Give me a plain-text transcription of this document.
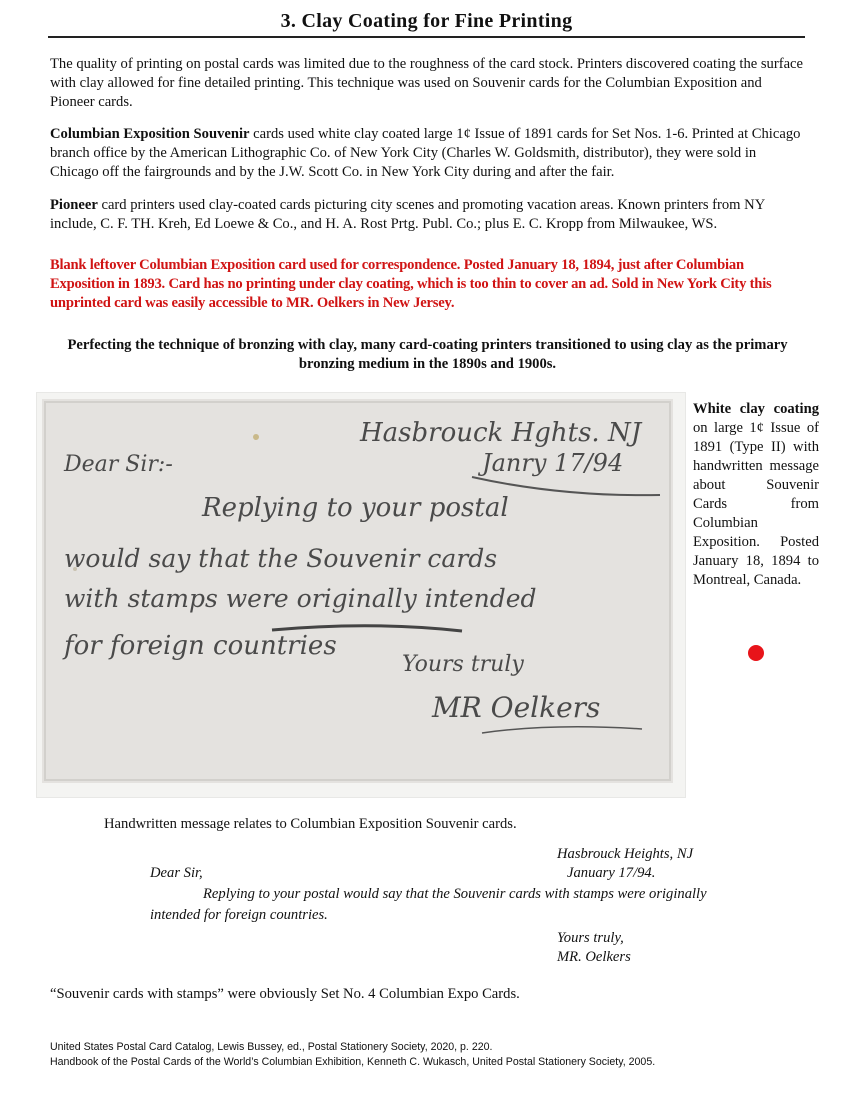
3. Clay Coating for Fine Printing

The quality of printing on postal cards was limited due to the roughness of the card stock. Printers discovered coating the surface with clay allowed for fine detailed printing. This technique was used on Souvenir cards for the Columbian Exposition and Pioneer cards.

Columbian Exposition Souvenir cards used white clay coated large 1¢ Issue of 1891 cards for Set Nos. 1-6. Printed at Chicago branch office by the American Lithographic Co. of New York City (Charles W. Goldsmith, distributor), they were sold in Chicago off the fairgrounds and by the J.W. Scott Co. in New York City during and after the fair.

Pioneer card printers used clay-coated cards picturing city scenes and promoting vacation areas. Known printers from NY include, C. F. TH. Kreh, Ed Loewe & Co., and H. A. Rost Prtg. Publ. Co.; plus E. C. Kropp from Milwaukee, WS.

Blank leftover Columbian Exposition card used for correspondence. Posted January 18, 1894, just after Columbian Exposition in 1893. Card has no printing under clay coating, which is too thin to cover an ad. Sold in New York City this unprinted card was easily accessible to MR. Oelkers in New Jersey.

Perfecting the technique of bronzing with clay, many card-coating printers transitioned to using clay as the primary bronzing medium in the 1890s and 1900s.
Hasbrouck Hghts. NJ
Janry 17/94
Dear Sir:-
Replying to your postal
would say that the Souvenir cards
with stamps were originally intended
for foreign countries
Yours truly
MR Oelkers
White clay coating on large 1¢ Issue of 1891 (Type II) with handwritten message about Souvenir Cards from Columbian Exposition. Posted January 18, 1894 to Montreal, Canada.
Handwritten message relates to Columbian Exposition Souvenir cards.
Hasbrouck Heights, NJ
Dear Sir,	January 17/94.
Replying to your postal would say that the Souvenir cards with stamps were originally
intended for foreign countries.
Yours truly,
MR. Oelkers
“Souvenir cards with stamps” were obviously Set No. 4 Columbian Expo Cards.
United States Postal Card Catalog, Lewis Bussey, ed., Postal Stationery Society, 2020, p. 220.
Handbook of the Postal Cards of the World’s Columbian Exhibition, Kenneth C. Wukasch, United Postal Stationery Society, 2005.
